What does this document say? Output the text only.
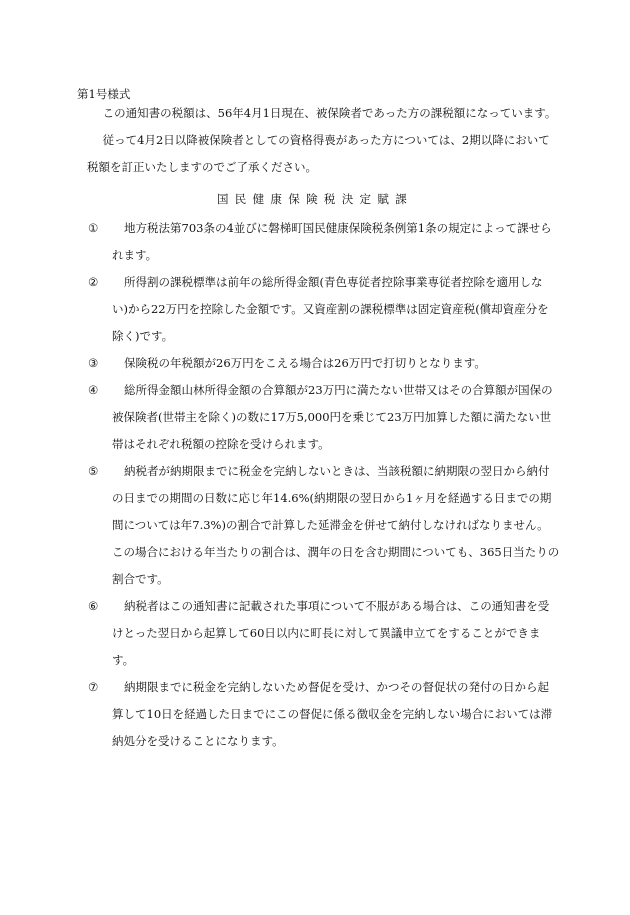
第1号様式

この通知書の税額は、56年4月1日現在、被保険者であった方の課税額になっています。

従って4月2日以降被保険者としての資格得喪があった方については、2期以降において

税額を訂正いたしますのでご了承ください。

国民健康保険税決定賦課
①	地方税法第703条の4並びに磐梯町国民健康保険税条例第1条の規定によって課せら
れます。
②	所得割の課税標準は前年の総所得金額(青色専従者控除事業専従者控除を適用しな
い)から22万円を控除した金額です。又資産割の課税標準は固定資産税(償却資産分を
除く)です。
③	保険税の年税額が26万円をこえる場合は26万円で打切りとなります。
④	総所得金額山林所得金額の合算額が23万円に満たない世帯又はその合算額が国保の
被保険者(世帯主を除く)の数に17万5,000円を乗じて23万円加算した額に満たない世
帯はそれぞれ税額の控除を受けられます。
⑤	納税者が納期限までに税金を完納しないときは、当該税額に納期限の翌日から納付
の日までの期間の日数に応じ年14.6%(納期限の翌日から1ヶ月を経過する日までの期
間については年7.3%)の割合で計算した延滞金を併せて納付しなければなりません。
この場合における年当たりの割合は、潤年の日を含む期間についても、365日当たりの
割合です。
⑥	納税者はこの通知書に記載された事項について不服がある場合は、この通知書を受
けとった翌日から起算して60日以内に町長に対して異議申立てをすることができま
す。
⑦	納期限までに税金を完納しないため督促を受け、かつその督促状の発付の日から起
算して10日を経過した日までにこの督促に係る徴収金を完納しない場合においては滞
納処分を受けることになります。
